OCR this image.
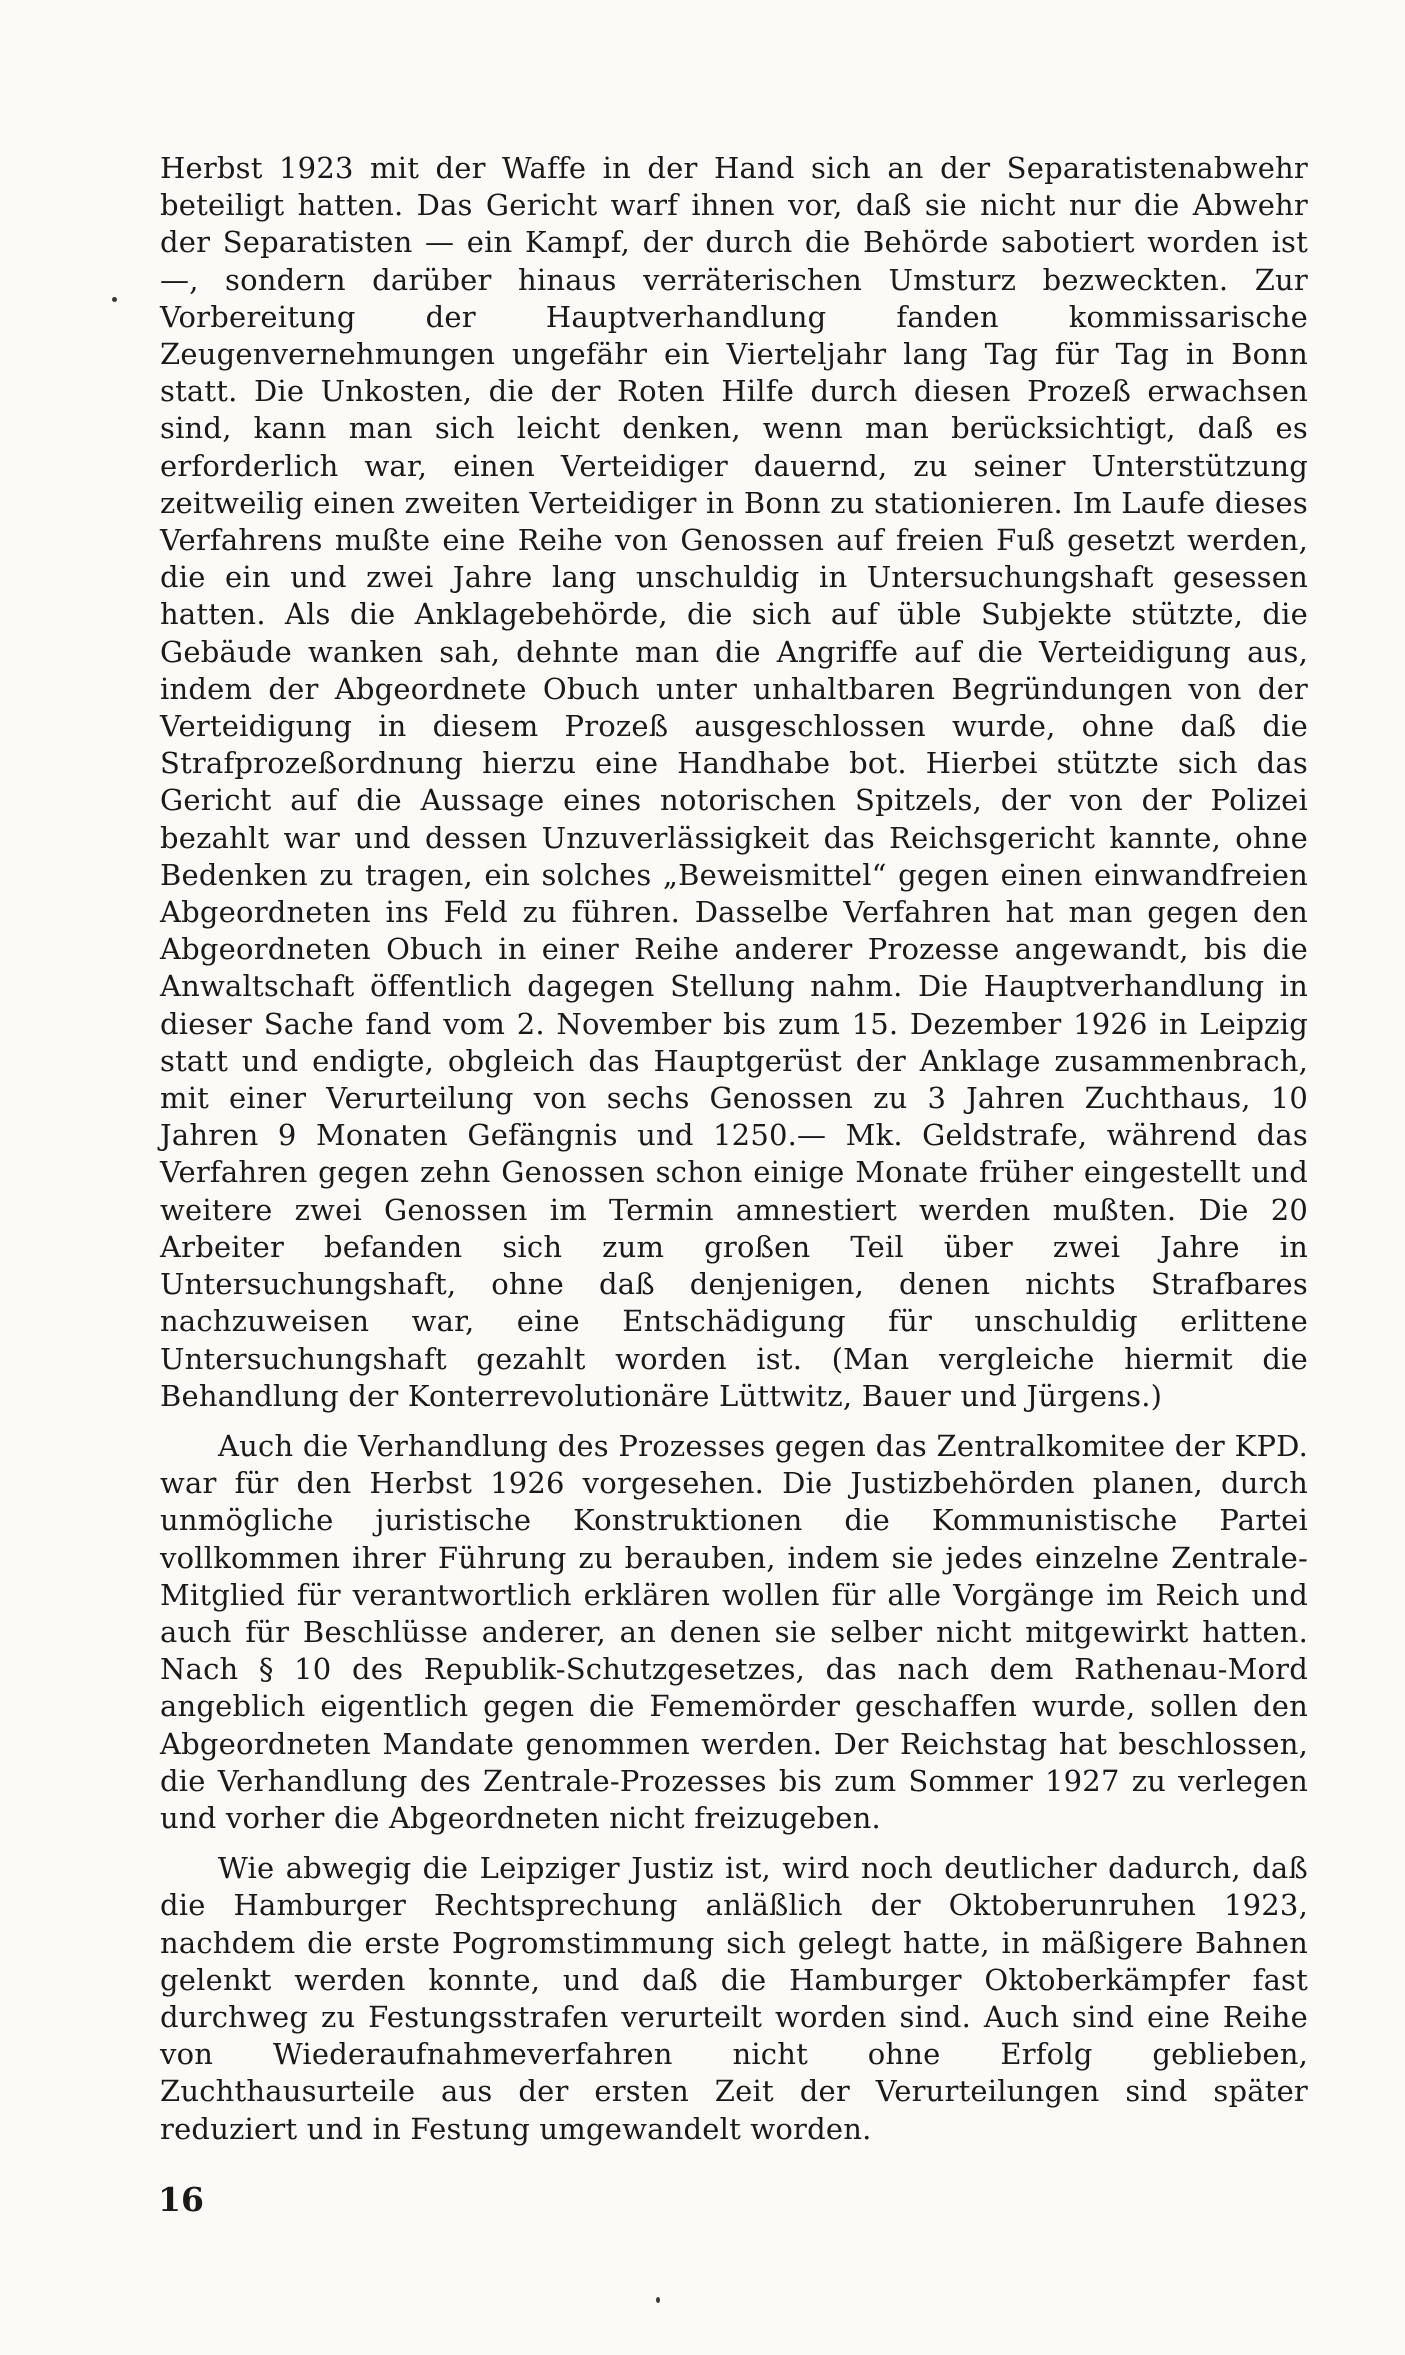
Herbst 1923 mit der Waffe in der Hand sich an der Separatistenabwehr beteiligt hatten. Das Gericht warf ihnen vor, daß sie nicht nur die Abwehr der Separatisten — ein Kampf, der durch die Behörde sabotiert worden ist —, sondern darüber hinaus verräterischen Umsturz bezweckten. Zur Vorbereitung der Hauptverhandlung fanden kommissarische Zeugenvernehmungen ungefähr ein Vierteljahr lang Tag für Tag in Bonn statt. Die Unkosten, die der Roten Hilfe durch diesen Prozeß erwachsen sind, kann man sich leicht denken, wenn man berücksichtigt, daß es erforderlich war, einen Verteidiger dauernd, zu seiner Unterstützung zeitweilig einen zweiten Verteidiger in Bonn zu stationieren. Im Laufe dieses Verfahrens mußte eine Reihe von Genossen auf freien Fuß gesetzt werden, die ein und zwei Jahre lang unschuldig in Untersuchungshaft gesessen hatten. Als die Anklagebehörde, die sich auf üble Subjekte stützte, die Gebäude wanken sah, dehnte man die Angriffe auf die Verteidigung aus, indem der Abgeordnete Obuch unter unhaltbaren Begründungen von der Verteidigung in diesem Prozeß ausgeschlossen wurde, ohne daß die Strafprozeßordnung hierzu eine Handhabe bot. Hierbei stützte sich das Gericht auf die Aussage eines notorischen Spitzels, der von der Polizei bezahlt war und dessen Unzuverlässigkeit das Reichsgericht kannte, ohne Bedenken zu tragen, ein solches „Beweismittel“ gegen einen einwandfreien Abgeordneten ins Feld zu führen. Dasselbe Verfahren hat man gegen den Abgeordneten Obuch in einer Reihe anderer Prozesse angewandt, bis die Anwaltschaft öffentlich dagegen Stellung nahm. Die Hauptverhandlung in dieser Sache fand vom 2. November bis zum 15. Dezember 1926 in Leipzig statt und endigte, obgleich das Hauptgerüst der Anklage zusammenbrach, mit einer Verurteilung von sechs Genossen zu 3 Jahren Zuchthaus, 10 Jahren 9 Monaten Gefängnis und 1250.— Mk. Geldstrafe, während das Verfahren gegen zehn Genossen schon einige Monate früher eingestellt und weitere zwei Genossen im Termin amnestiert werden mußten. Die 20 Arbeiter befanden sich zum großen Teil über zwei Jahre in Untersuchungshaft, ohne daß denjenigen, denen nichts Strafbares nachzuweisen war, eine Entschädigung für unschuldig erlittene Untersuchungshaft gezahlt worden ist. (Man vergleiche hiermit die Behandlung der Konterrevolutionäre Lüttwitz, Bauer und Jürgens.)

Auch die Verhandlung des Prozesses gegen das Zentralkomitee der KPD. war für den Herbst 1926 vorgesehen. Die Justizbehörden planen, durch unmögliche juristische Konstruktionen die Kommunistische Partei vollkommen ihrer Führung zu berauben, indem sie jedes einzelne Zentrale-Mitglied für verantwortlich erklären wollen für alle Vorgänge im Reich und auch für Beschlüsse anderer, an denen sie selber nicht mitgewirkt hatten. Nach § 10 des Republik-Schutzgesetzes, das nach dem Rathenau-Mord angeblich eigentlich gegen die Fememörder geschaffen wurde, sollen den Abgeordneten Mandate genommen werden. Der Reichstag hat beschlossen, die Verhandlung des Zentrale-Prozesses bis zum Sommer 1927 zu verlegen und vorher die Abgeordneten nicht freizugeben.

Wie abwegig die Leipziger Justiz ist, wird noch deutlicher dadurch, daß die Hamburger Rechtsprechung anläßlich der Oktoberunruhen 1923, nachdem die erste Pogromstimmung sich gelegt hatte, in mäßigere Bahnen gelenkt werden konnte, und daß die Hamburger Oktoberkämpfer fast durchweg zu Festungsstrafen verurteilt worden sind. Auch sind eine Reihe von Wiederaufnahmeverfahren nicht ohne Erfolg geblieben, Zuchthausurteile aus der ersten Zeit der Verurteilungen sind später reduziert und in Festung umgewandelt worden.

16
